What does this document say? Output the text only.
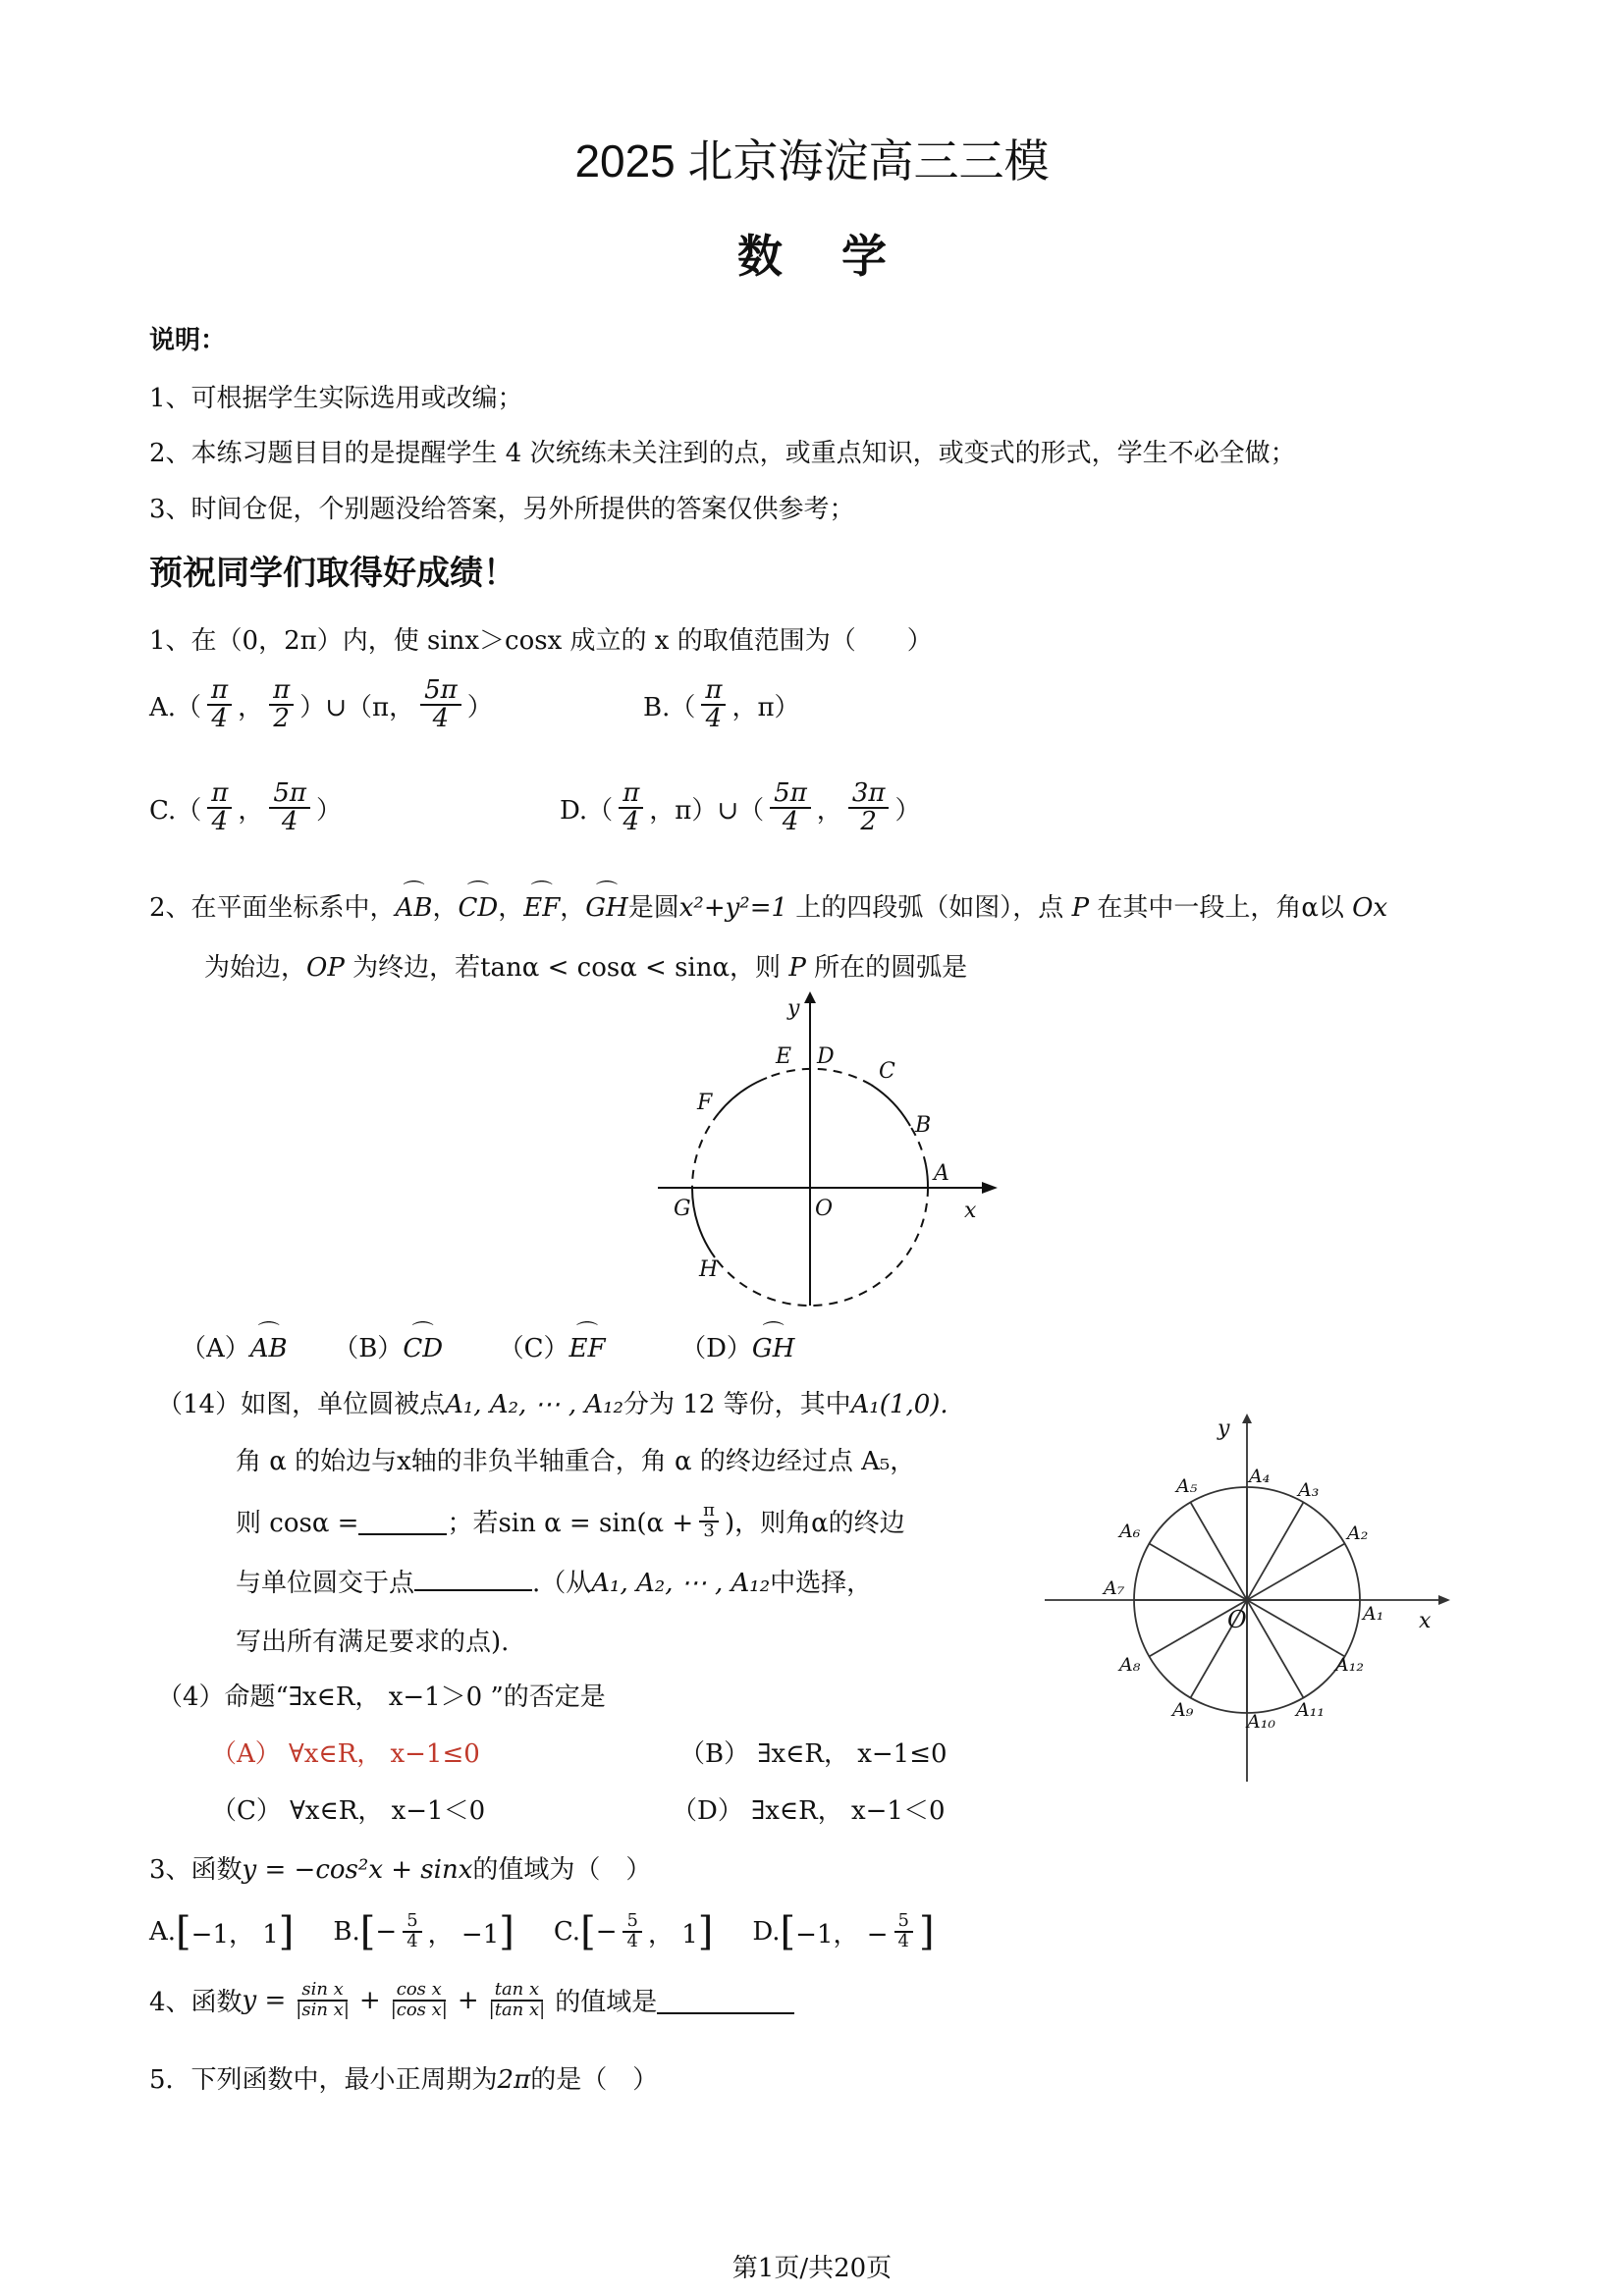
2025 北京海淀高三三模
数学
说明：
1、可根据学生实际选用或改编；
2、本练习题目目的是提醒学生 4 次统练未关注到的点，或重点知识，或变式的形式，学生不必全做；
3、时间仓促，个别题没给答案，另外所提供的答案仅供参考；
预祝同学们取得好成绩！
1、在（0，2π）内，使 sinx＞cosx 成立的 x 的取值范围为（　　）
$A.( \frac{\pi}{4}$ ， $\frac{\pi}{2}$ ）∪（π， $\frac{5\pi}{4}$ ）	$B.( \frac{\pi}{4}$ ，π）
$C.( \frac{\pi}{4}$ ， $\frac{5\pi}{4}$ ）	$D.( \frac{\pi}{4}$ ，π）∪（ $\frac{5\pi}{4}$ ， $\frac{3\pi}{2}$ ）
2、在平面坐标系中，⌒ AB，⌒ CD，⌒ EF，⌒ GH是圆x²+y²=1 上的四段弧（如图），点 P 在其中一段上，角α以 Ox
为始边，OP 为终边，若tanα < cosα < sinα，则 P 所在的圆弧是
y
x
O
A
B
C
D
E
F
G
H
（A）⌒ AB （B）⌒ CD （C）⌒ EF	（D）⌒ GH
（14）如图，单位圆被点A₁, A₂, ⋯ , A₁₂分为 12 等份，其中A₁(1,0).
角 α 的始边与x轴的非负半轴重合，角 α 的终边经过点 A₅，
则 cosα =	；若$\sin \alpha = \sin(\alpha + \frac{\pi}{3}$ )，则角α的终边
与单位圆交于点	.（从A₁, A₂, ⋯ , A₁₂中选择，
写出所有满足要求的点).
y
x
O	A₁
A₂
A₃
A₄
A₅
A₆
A₇
A₈
A₉
A₁₀
A₁₁
A₁₂
（4）命题“∃x∈R， x−1＞0 ”的否定是
（A） ∀x∈R， x−1≤0	（B） ∃x∈R， x−1≤0
（C） ∀x∈R， x−1＜0	（D） ∃x∈R， x−1＜0
3、函数y = −cos²x + sinx的值域为（　）
A. [ −1， 1 ] B. [ − $\frac{5}{4}$ ， −1 ] C. [ − $\frac{5}{4}$ ， 1 ] D. [ −1， − $\frac{5}{4}$ ]
4、函数 $y = \frac{\text{sin x}}{\text{|sin x|}} + \frac{\text{cos x}}{\text{|cos x|}} + \frac{\text{tan x}}{\text{|tan x|}}$ 的值域是
5．下列函数中，最小正周期为2π的是（　）
第1页/共20页
